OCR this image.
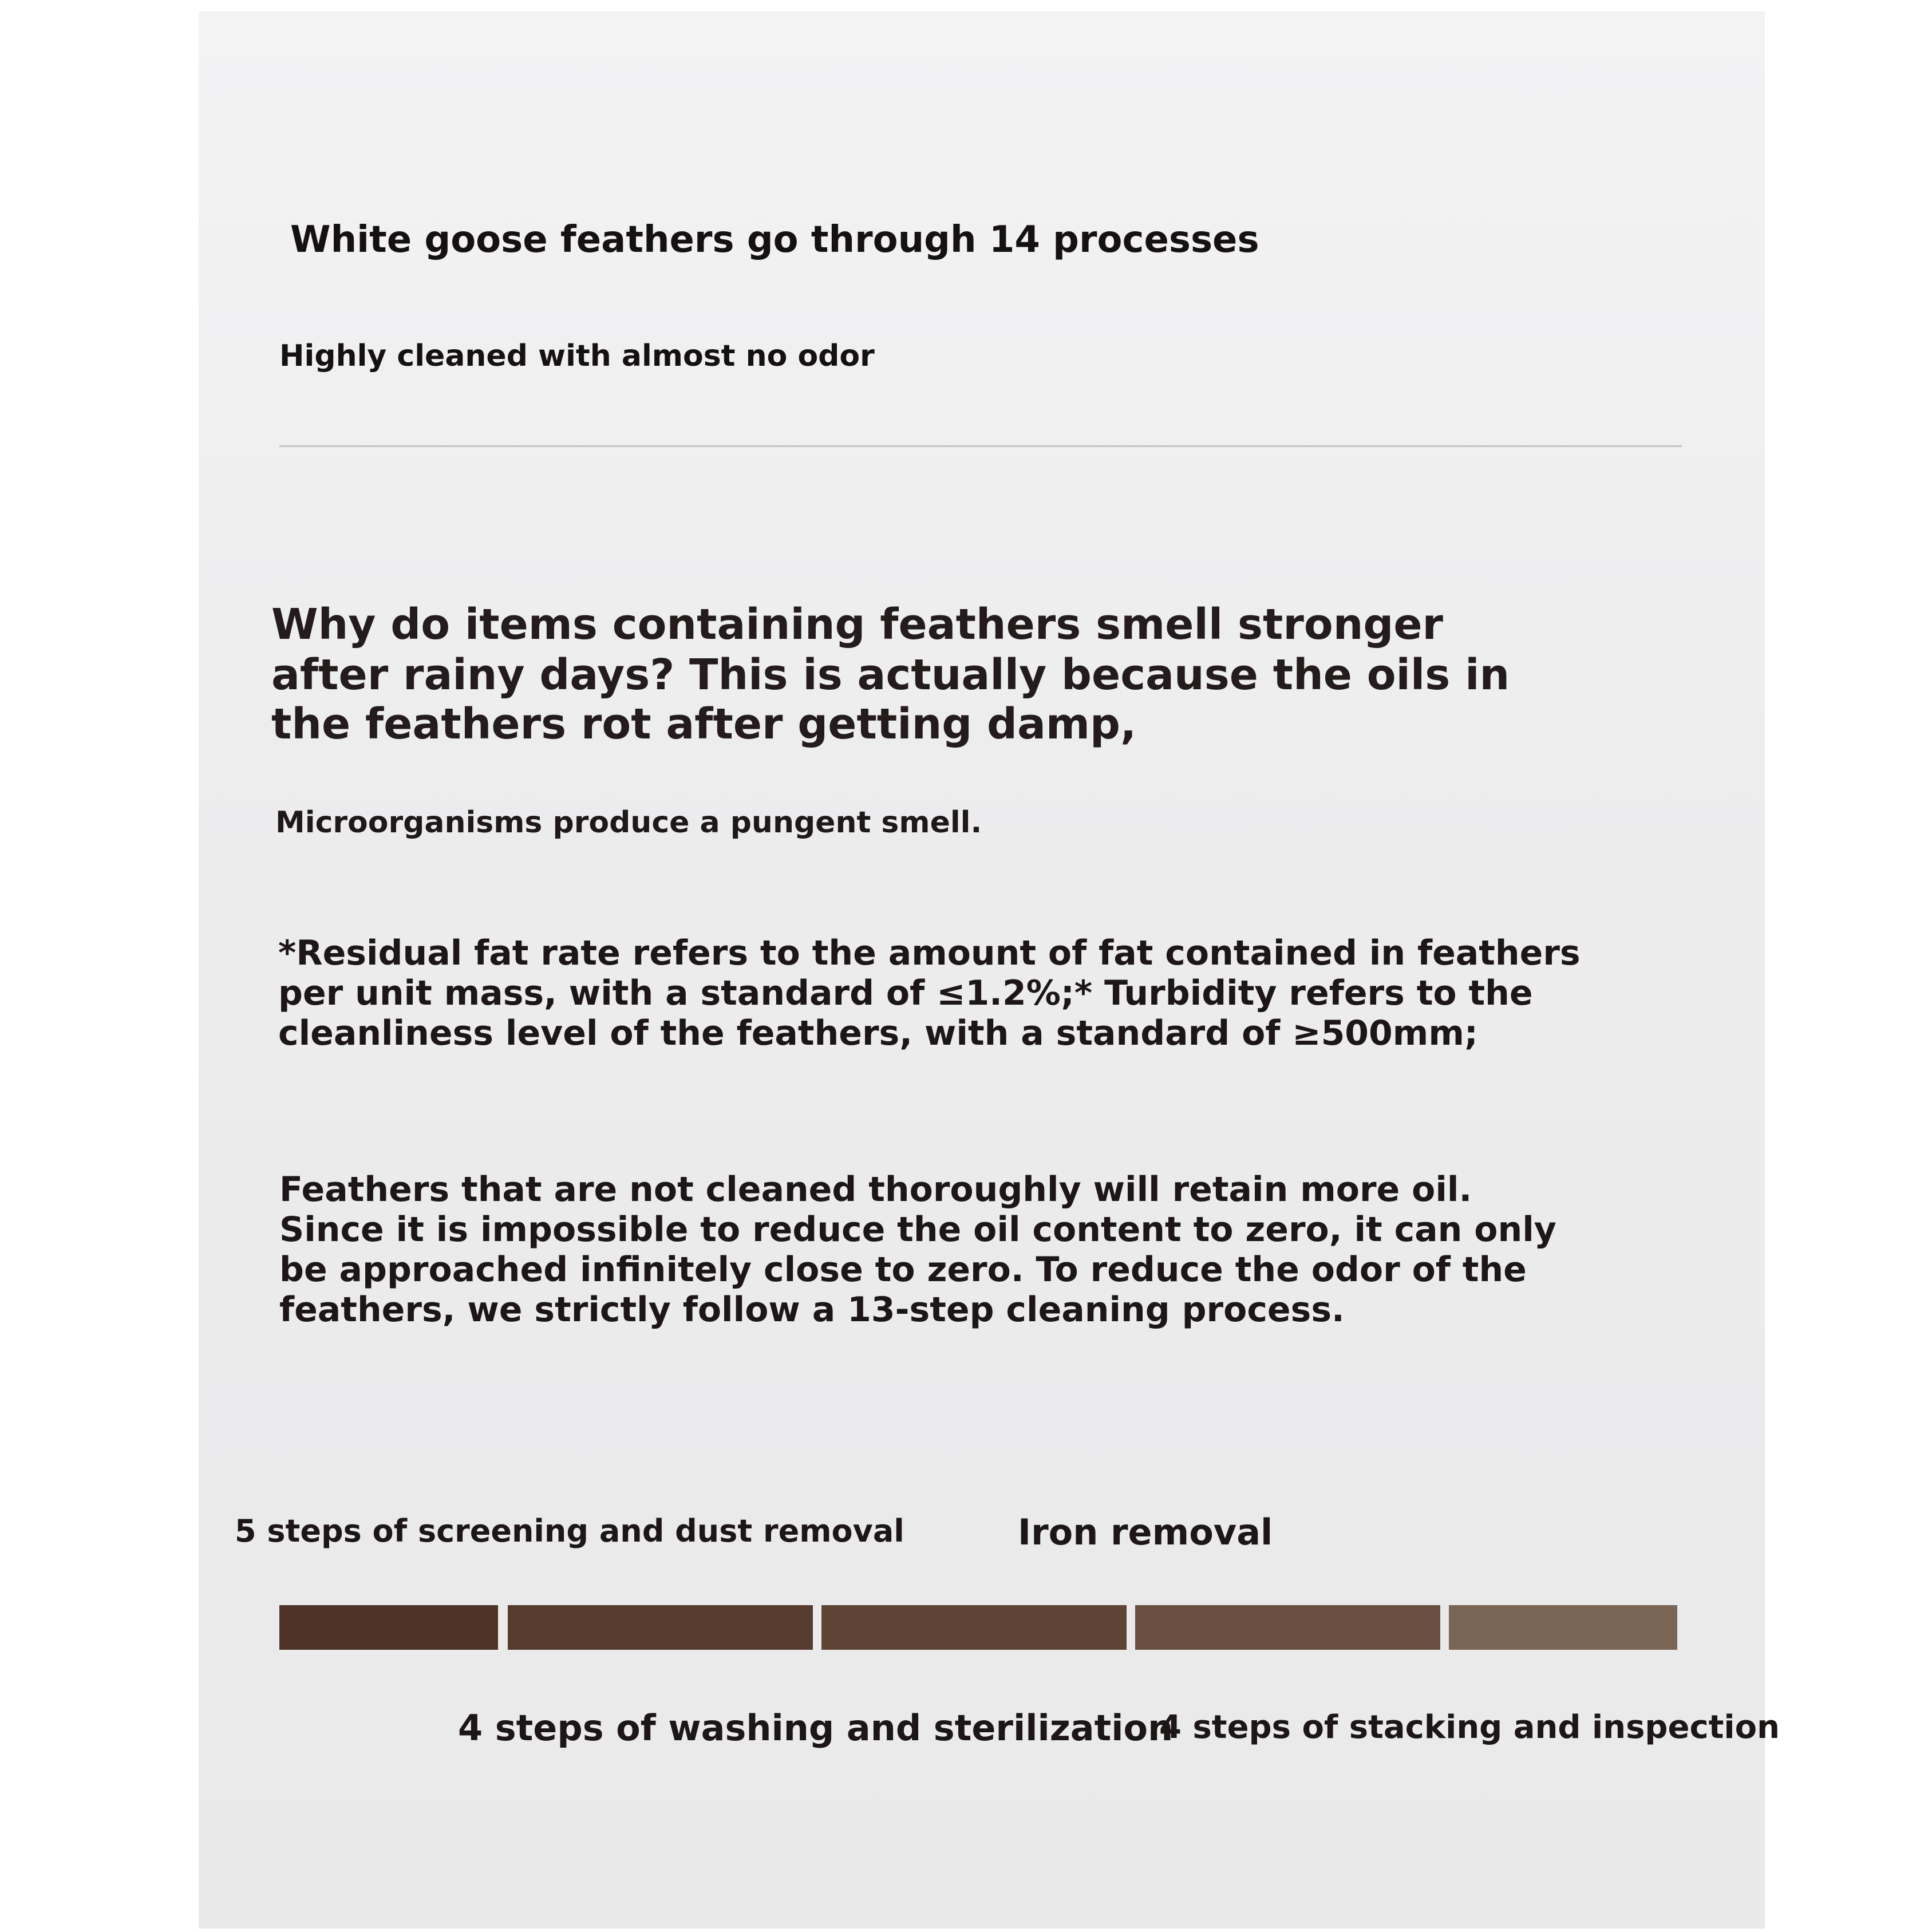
White goose feathers go through 14 processes

Highly cleaned with almost no odor

Why do items containing feathers smell stronger
after rainy days? This is actually because the oils in
the feathers rot after getting damp,

Microorganisms produce a pungent smell.

*Residual fat rate refers to the amount of fat contained in feathers

per unit mass, with a standard of ≤1.2%;* Turbidity refers to the

cleanliness level of the feathers, with a standard of ≥500mm;

Feathers that are not cleaned thoroughly will retain more oil.

Since it is impossible to reduce the oil content to zero, it can only

be approached infinitely close to zero. To reduce the odor of the

feathers, we strictly follow a 13-step cleaning process.

5 steps of screening and dust removal	Iron removal

4 steps of washing and sterilization

4 steps of stacking and inspection
